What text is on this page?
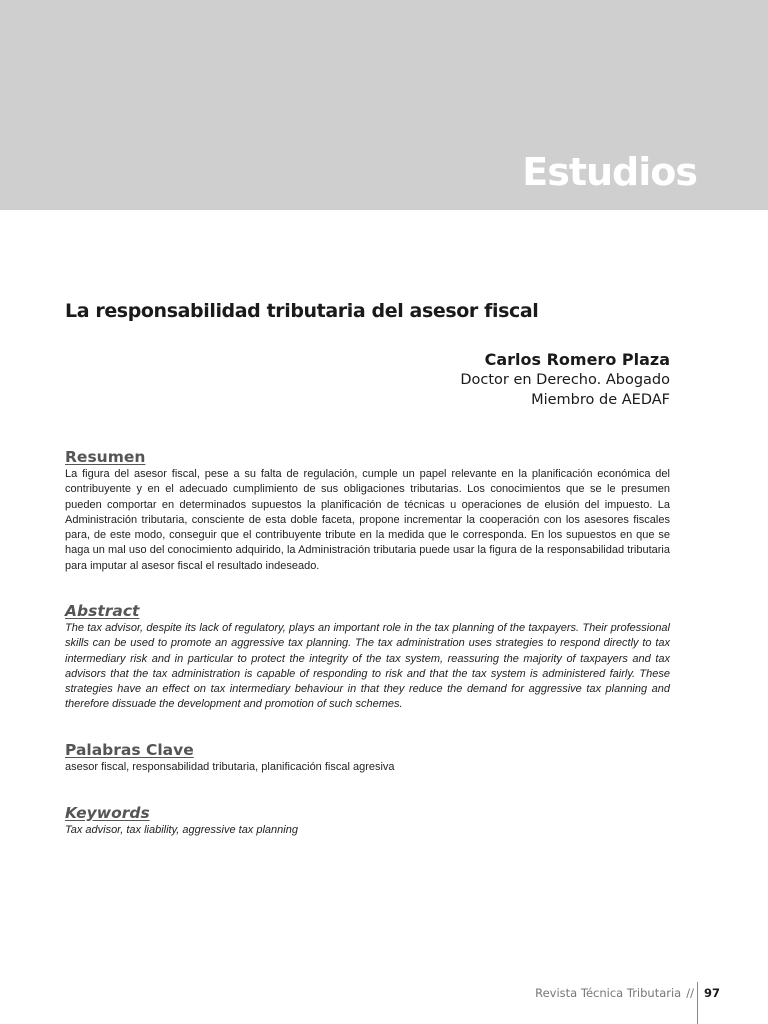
Estudios
La responsabilidad tributaria del asesor fiscal
Carlos Romero Plaza
Doctor en Derecho. Abogado
Miembro de AEDAF
Resumen

La figura del asesor fiscal, pese a su falta de regulación, cumple un papel relevante en la planificación económica del contribuyente y en el adecuado cumplimiento de sus obligaciones tributarias. Los conocimientos que se le presumen pueden comportar en determinados supuestos la planificación de técnicas u operaciones de elusión del impuesto. La Administración tributaria, consciente de esta doble faceta, propone incrementar la cooperación con los asesores fiscales para, de este modo, conseguir que el contribuyente tribute en la medida que le corresponda. En los supuestos en que se haga un mal uso del conocimiento adquirido, la Administración tributaria puede usar la figura de la responsabilidad tributaria para imputar al asesor fiscal el resultado indeseado.

Abstract

The tax advisor, despite its lack of regulatory, plays an important role in the tax planning of the taxpayers. Their professional skills can be used to promote an aggressive tax planning. The tax administration uses strategies to respond directly to tax intermediary risk and in particular to protect the integrity of the tax system, reassuring the majority of taxpayers and tax advisors that the tax administration is capable of responding to risk and that the tax system is administered fairly. These strategies have an effect on tax intermediary behaviour in that they reduce the demand for aggressive tax planning and therefore dissuade the development and promotion of such schemes.

Palabras Clave

asesor fiscal, responsabilidad tributaria, planificación fiscal agresiva

Keywords

Tax advisor, tax liability, aggressive tax planning

Revista Técnica Tributaria // 97
